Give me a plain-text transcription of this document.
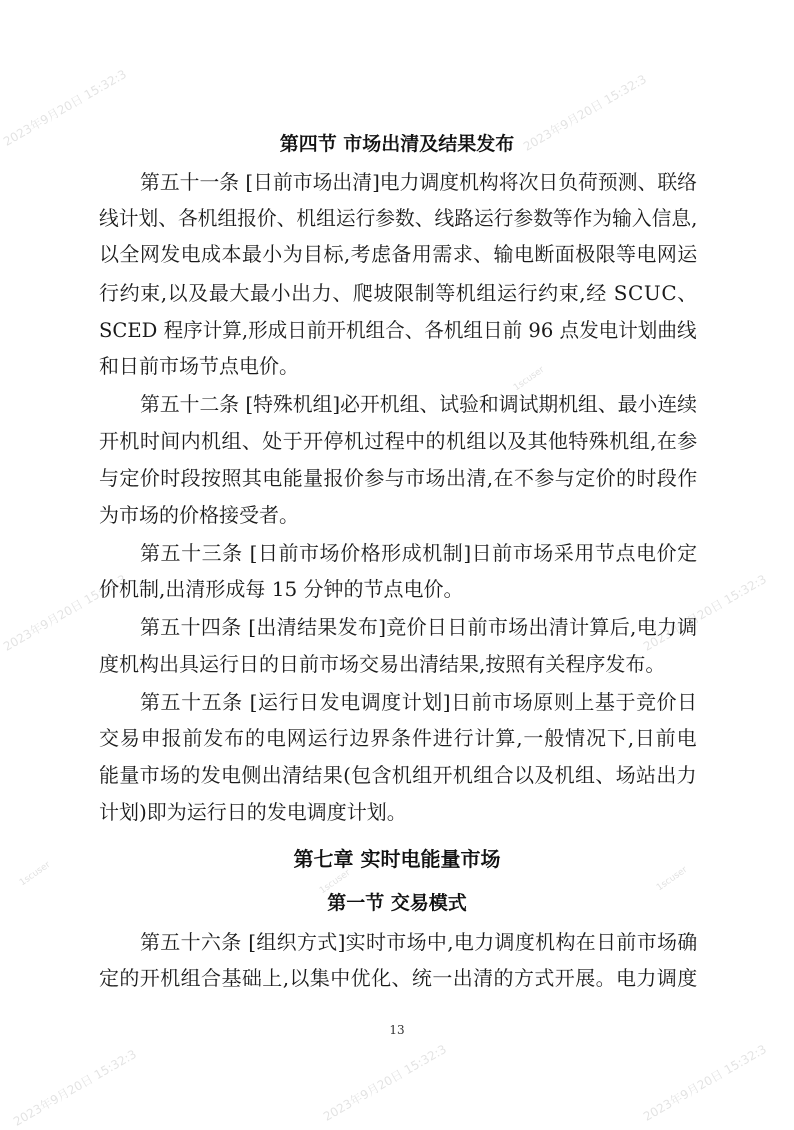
2023年9月20日 15:32:3	2023年9月20日 15:32:3
2023年9月20日 15:32:3	2023年9月20日 15:32:3
2023年9月20日 15:32:3	2023年9月20日 15:32:3	2023年9月20日 15:32:3
1scuser
1scuser	1scuser	1scuser
第四节 市场出清及结果发布
第五十一条 [日前市场出清]电力调度机构将次日负荷预测、联络
线计划、各机组报价、机组运行参数、线路运行参数等作为输入信息,
以全网发电成本最小为目标,考虑备用需求、输电断面极限等电网运
行约束,以及最大最小出力、爬坡限制等机组运行约束,经 SCUC、
SCED 程序计算,形成日前开机组合、各机组日前 96 点发电计划曲线
和日前市场节点电价。
第五十二条 [特殊机组]必开机组、试验和调试期机组、最小连续
开机时间内机组、处于开停机过程中的机组以及其他特殊机组,在参
与定价时段按照其电能量报价参与市场出清,在不参与定价的时段作
为市场的价格接受者。
第五十三条 [日前市场价格形成机制]日前市场采用节点电价定
价机制,出清形成每 15 分钟的节点电价。
第五十四条 [出清结果发布]竞价日日前市场出清计算后,电力调
度机构出具运行日的日前市场交易出清结果,按照有关程序发布。
第五十五条 [运行日发电调度计划]日前市场原则上基于竞价日
交易申报前发布的电网运行边界条件进行计算,一般情况下,日前电
能量市场的发电侧出清结果(包含机组开机组合以及机组、场站出力
计划)即为运行日的发电调度计划。
第七章 实时电能量市场
第一节 交易模式
第五十六条 [组织方式]实时市场中,电力调度机构在日前市场确
定的开机组合基础上,以集中优化、统一出清的方式开展。电力调度
13
